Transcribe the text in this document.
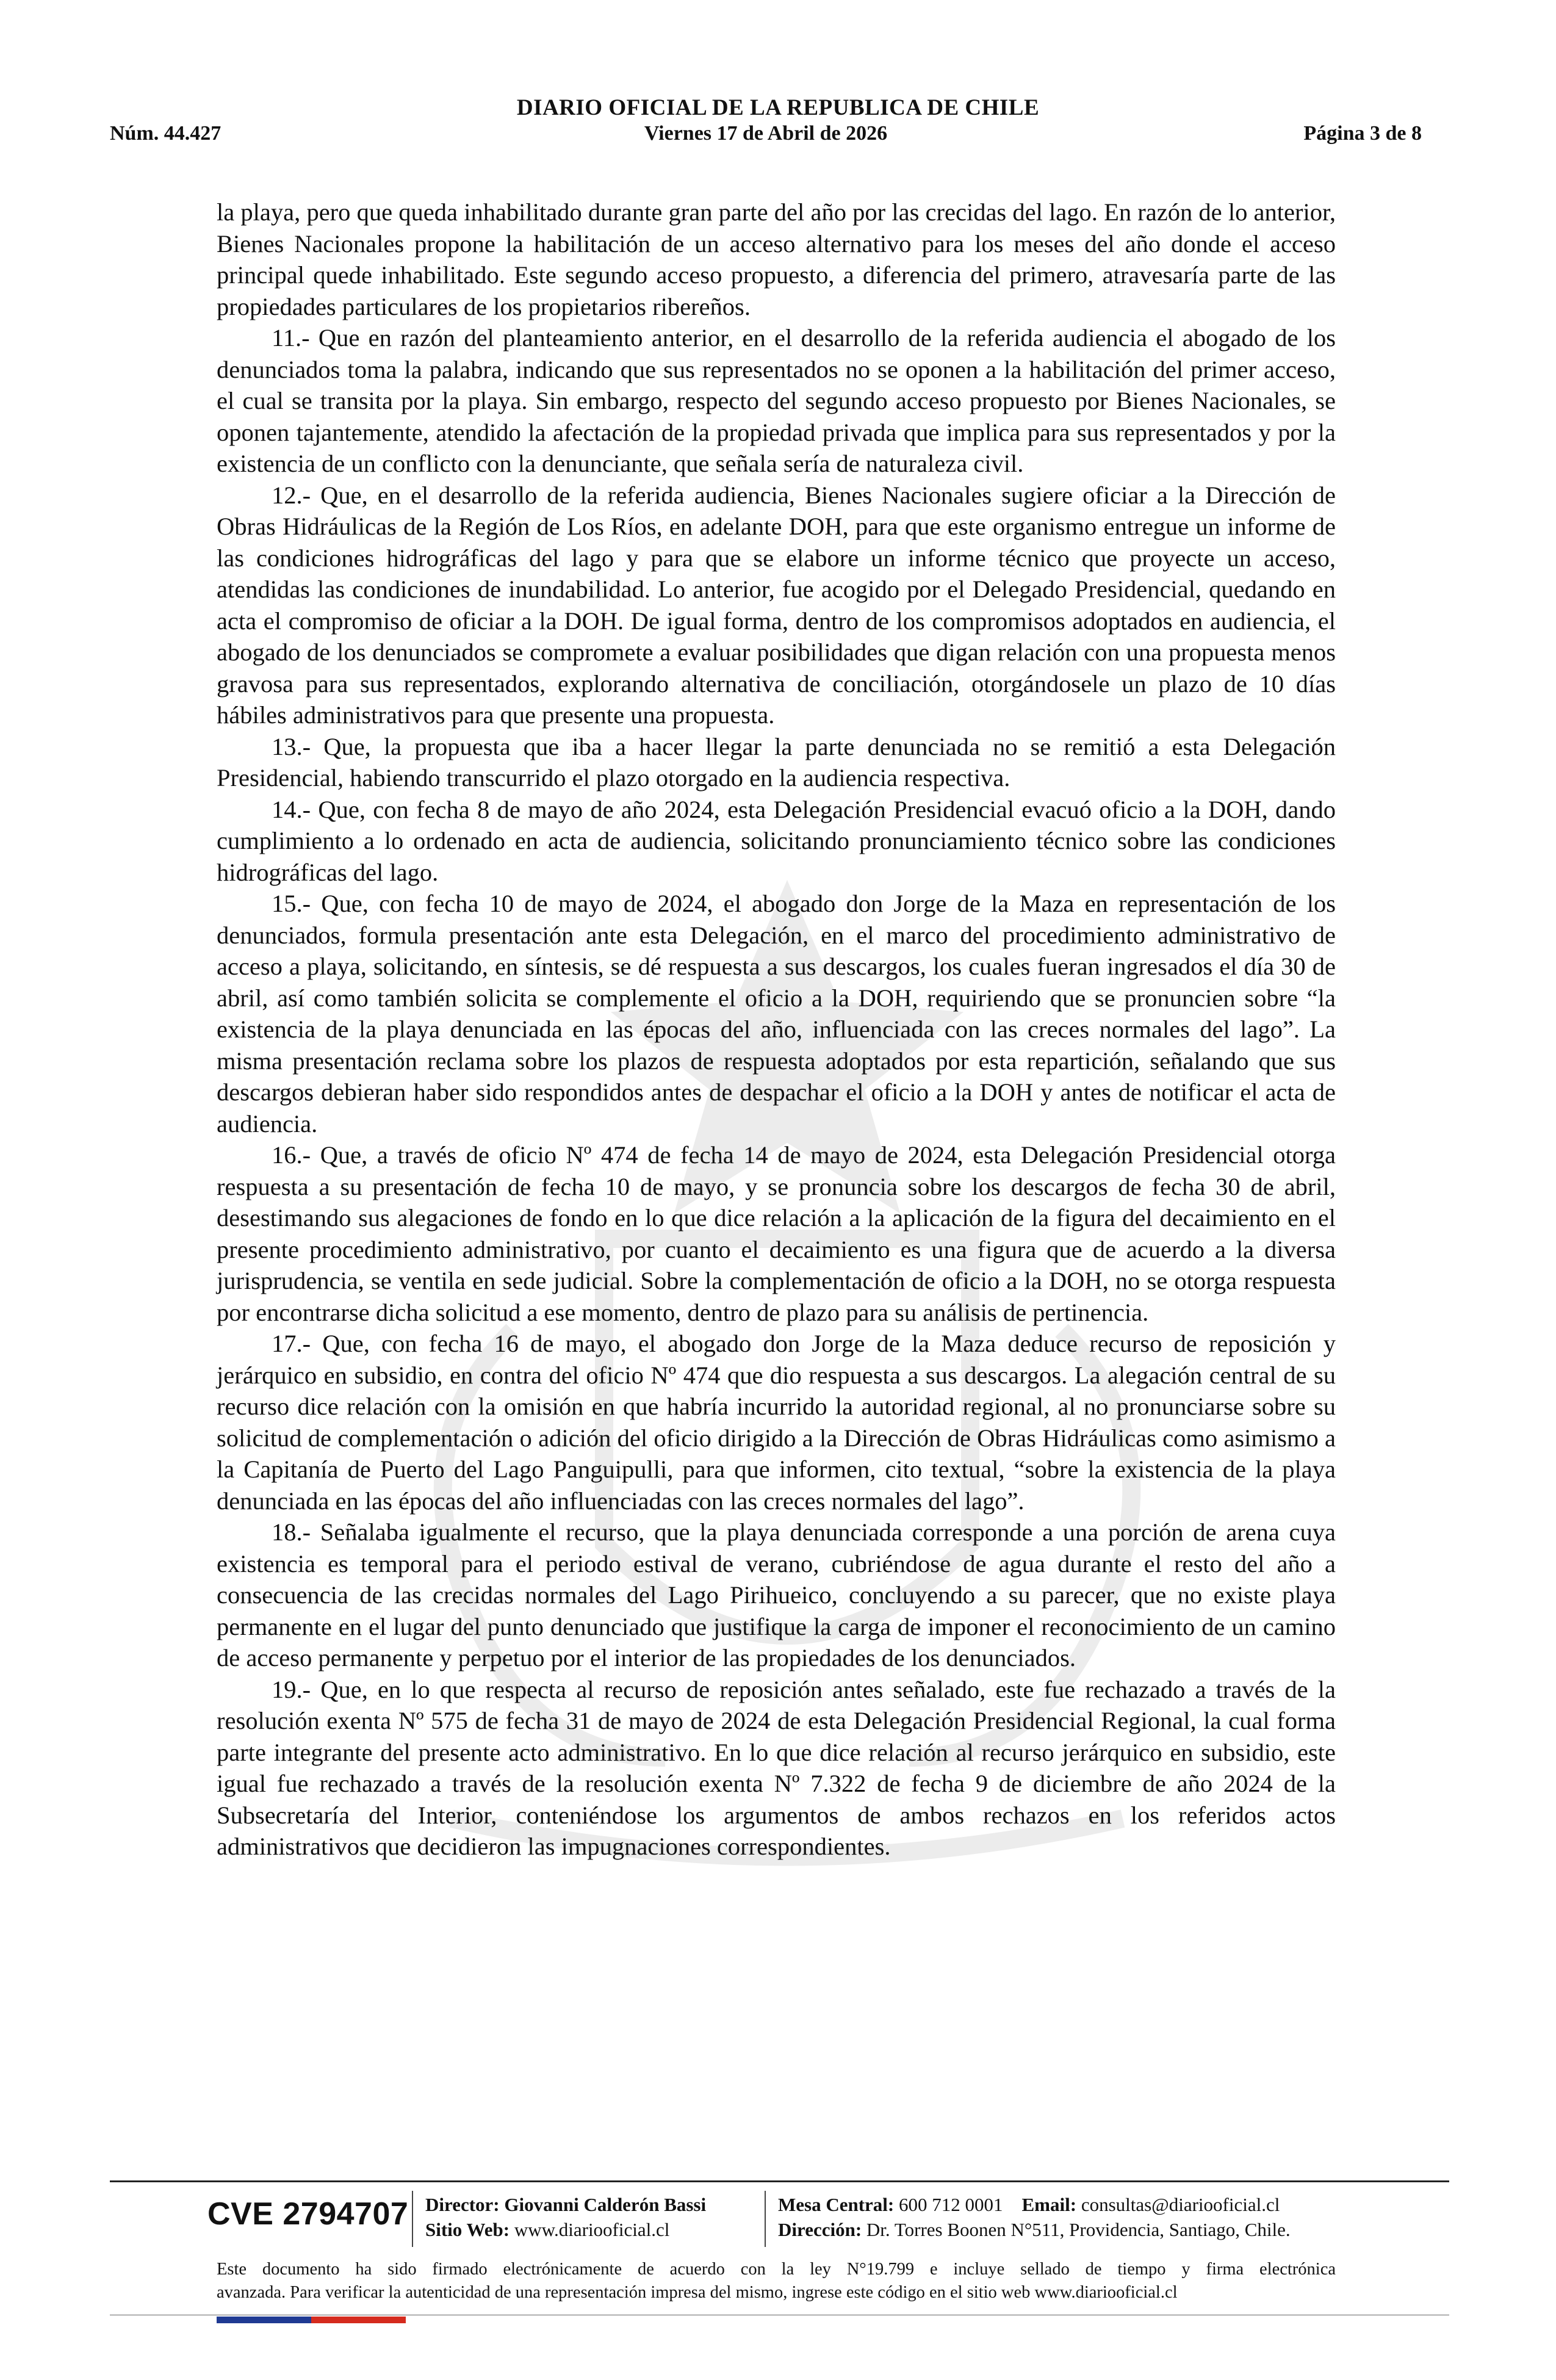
DIARIO OFICIAL DE LA REPUBLICA DE CHILE
Núm. 44.427	Viernes 17 de Abril de 2026	Página 3 de 8

la playa, pero que queda inhabilitado durante gran parte del año por las crecidas del lago. En razón de lo anterior, Bienes Nacionales propone la habilitación de un acceso alternativo para los meses del año donde el acceso principal quede inhabilitado. Este segundo acceso propuesto, a diferencia del primero, atravesaría parte de las propiedades particulares de los propietarios ribereños.

11.- Que en razón del planteamiento anterior, en el desarrollo de la referida audiencia el abogado de los denunciados toma la palabra, indicando que sus representados no se oponen a la habilitación del primer acceso, el cual se transita por la playa. Sin embargo, respecto del segundo acceso propuesto por Bienes Nacionales, se oponen tajantemente, atendido la afectación de la propiedad privada que implica para sus representados y por la existencia de un conflicto con la denunciante, que señala sería de naturaleza civil.

12.- Que, en el desarrollo de la referida audiencia, Bienes Nacionales sugiere oficiar a la Dirección de Obras Hidráulicas de la Región de Los Ríos, en adelante DOH, para que este organismo entregue un informe de las condiciones hidrográficas del lago y para que se elabore un informe técnico que proyecte un acceso, atendidas las condiciones de inundabilidad. Lo anterior, fue acogido por el Delegado Presidencial, quedando en acta el compromiso de oficiar a la DOH. De igual forma, dentro de los compromisos adoptados en audiencia, el abogado de los denunciados se compromete a evaluar posibilidades que digan relación con una propuesta menos gravosa para sus representados, explorando alternativa de conciliación, otorgándosele un plazo de 10 días hábiles administrativos para que presente una propuesta.

13.- Que, la propuesta que iba a hacer llegar la parte denunciada no se remitió a esta Delegación Presidencial, habiendo transcurrido el plazo otorgado en la audiencia respectiva.

14.- Que, con fecha 8 de mayo de año 2024, esta Delegación Presidencial evacuó oficio a la DOH, dando cumplimiento a lo ordenado en acta de audiencia, solicitando pronunciamiento técnico sobre las condiciones hidrográficas del lago.

15.- Que, con fecha 10 de mayo de 2024, el abogado don Jorge de la Maza en representación de los denunciados, formula presentación ante esta Delegación, en el marco del procedimiento administrativo de acceso a playa, solicitando, en síntesis, se dé respuesta a sus descargos, los cuales fueran ingresados el día 30 de abril, así como también solicita se complemente el oficio a la DOH, requiriendo que se pronuncien sobre “la existencia de la playa denunciada en las épocas del año, influenciada con las creces normales del lago”. La misma presentación reclama sobre los plazos de respuesta adoptados por esta repartición, señalando que sus descargos debieran haber sido respondidos antes de despachar el oficio a la DOH y antes de notificar el acta de audiencia.

16.- Que, a través de oficio Nº 474 de fecha 14 de mayo de 2024, esta Delegación Presidencial otorga respuesta a su presentación de fecha 10 de mayo, y se pronuncia sobre los descargos de fecha 30 de abril, desestimando sus alegaciones de fondo en lo que dice relación a la aplicación de la figura del decaimiento en el presente procedimiento administrativo, por cuanto el decaimiento es una figura que de acuerdo a la diversa jurisprudencia, se ventila en sede judicial. Sobre la complementación de oficio a la DOH, no se otorga respuesta por encontrarse dicha solicitud a ese momento, dentro de plazo para su análisis de pertinencia.

17.- Que, con fecha 16 de mayo, el abogado don Jorge de la Maza deduce recurso de reposición y jerárquico en subsidio, en contra del oficio Nº 474 que dio respuesta a sus descargos. La alegación central de su recurso dice relación con la omisión en que habría incurrido la autoridad regional, al no pronunciarse sobre su solicitud de complementación o adición del oficio dirigido a la Dirección de Obras Hidráulicas como asimismo a la Capitanía de Puerto del Lago Panguipulli, para que informen, cito textual, “sobre la existencia de la playa denunciada en las épocas del año influenciadas con las creces normales del lago”.

18.- Señalaba igualmente el recurso, que la playa denunciada corresponde a una porción de arena cuya existencia es temporal para el periodo estival de verano, cubriéndose de agua durante el resto del año a consecuencia de las crecidas normales del Lago Pirihueico, concluyendo a su parecer, que no existe playa permanente en el lugar del punto denunciado que justifique la carga de imponer el reconocimiento de un camino de acceso permanente y perpetuo por el interior de las propiedades de los denunciados.

19.- Que, en lo que respecta al recurso de reposición antes señalado, este fue rechazado a través de la resolución exenta Nº 575 de fecha 31 de mayo de 2024 de esta Delegación Presidencial Regional, la cual forma parte integrante del presente acto administrativo. En lo que dice relación al recurso jerárquico en subsidio, este igual fue rechazado a través de la resolución exenta Nº 7.322 de fecha 9 de diciembre de año 2024 de la Subsecretaría del Interior, conteniéndose los argumentos de ambos rechazos en los referidos actos administrativos que decidieron las impugnaciones correspondientes.

CVE 2794707 Director: Giovanni Calderón Bassi
Sitio Web: www.diariooficial.cl
Mesa Central: 600 712 0001 Email: consultas@diariooficial.cl
Dirección: Dr. Torres Boonen N°511, Providencia, Santiago, Chile.
Este documento ha sido firmado electrónicamente de acuerdo con la ley N°19.799 e incluye sellado de tiempo y firma electrónica
avanzada. Para verificar la autenticidad de una representación impresa del mismo, ingrese este código en el sitio web www.diariooficial.cl
